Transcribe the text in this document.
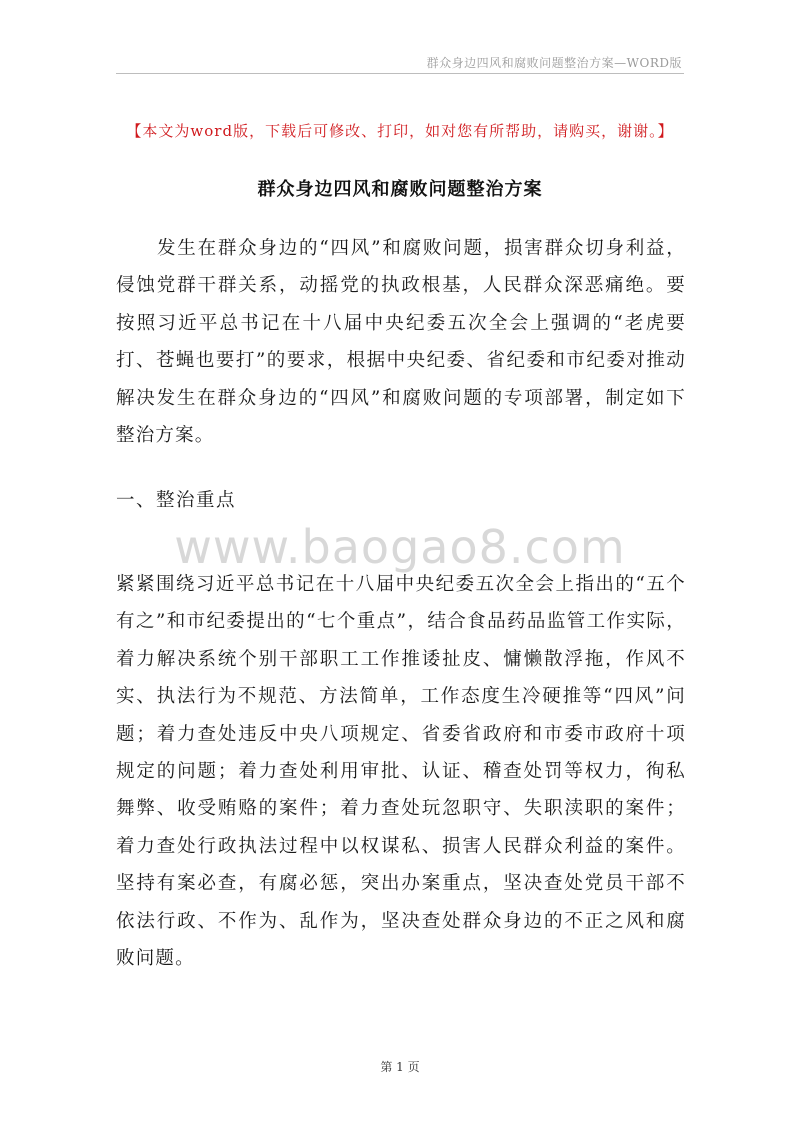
群众身边四风和腐败问题整治方案—WORD版
【本文为word版，下载后可修改、打印，如对您有所帮助，请购买，谢谢。】
群众身边四风和腐败问题整治方案

发生在群众身边的“四风”和腐败问题，损害群众切身利益，侵蚀党群干群关系，动摇党的执政根基，人民群众深恶痛绝。要按照习近平总书记在十八届中央纪委五次全会上强调的“老虎要打、苍蝇也要打”的要求，根据中央纪委、省纪委和市纪委对推动解决发生在群众身边的“四风”和腐败问题的专项部署，制定如下整治方案。

一、整治重点
www.baogao8.com

紧紧围绕习近平总书记在十八届中央纪委五次全会上指出的“五个有之”和市纪委提出的“七个重点”，结合食品药品监管工作实际，着力解决系统个别干部职工工作推诿扯皮、慵懒散浮拖，作风不实、执法行为不规范、方法简单，工作态度生冷硬推等“四风”问题；着力查处违反中央八项规定、省委省政府和市委市政府十项规定的问题；着力查处利用审批、认证、稽查处罚等权力，徇私舞弊、收受贿赂的案件；着力查处玩忽职守、失职渎职的案件；着力查处行政执法过程中以权谋私、损害人民群众利益的案件。坚持有案必查，有腐必惩，突出办案重点，坚决查处党员干部不依法行政、不作为、乱作为，坚决查处群众身边的不正之风和腐败问题。

第 1 页
